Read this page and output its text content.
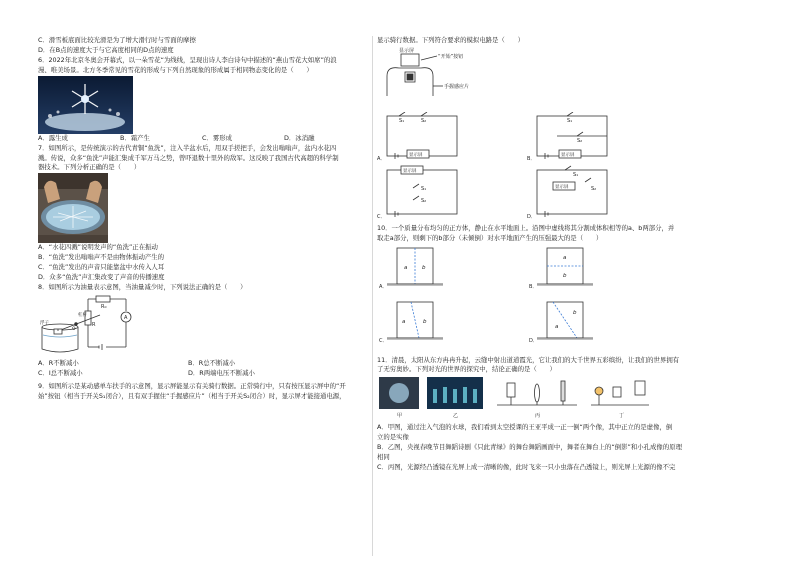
C．滑雪板底面比较光滑是为了增大滑行时与雪面的摩擦
D．在B点的速度大于与它高度相同的D点的速度
6．2022年北京冬奥会开幕式，以一朵雪花“为线线，呈现出诗人李白诗句中描述的“燕山雪花大如席”的浪
漫、唯美场景。北方冬季常见的雪花的形成与下列自然现象的形成属于相同物态变化的是（　　）
A．露生成	B．霜产生	C．雾形成	D．冰消融
7．如图所示，是传统演示的古代青铜“鱼洗”，注入半盆水后，用双手搓把手，会发出嗡嗡声，盆内水花四
溅。传说，众多“鱼洗”声能汇集成千军万马之势，曾吓退数十里外的敌军。这反映了我国古代高超的科学制
器技术。下列分析正确的是（　　）
A．“水花四溅”说明发声的“鱼洗”正在振动
B．“鱼洗”发出嗡嗡声不是由物体振动产生的
C．“鱼洗”发出的声音只能靠盆中水传入人耳
D．众多“鱼洗”声汇集改变了声音的传播速度
8．如图所示为油量表示意图，当油量减少时，下列说法正确的是（　　）
R₀
A
杠杆
O
R
浮子
A．R不断减小	B．R总不断减小
C．I总不断减小	D．R两端电压不断减小
9．如图所示是某动感单车扶手的示意图，显示屏能显示有关骑行数据。正常骑行中，只有按压显示屏中的“开
始”按钮（相当于开关S₁闭合），且有双手握住“手握感应片”（相当于开关S₂闭合）时，显示屏才能接通电源，
显示骑行数据。下列符合要求的模拟电路是（　　）
显示屏
“开始”按钮
手握感应片

A．	B．
C．	D．
S₁	S₂
显示屏
S₁
S₂
显示屏
显示屏
S₁
S₂
显示屏
S₁
S₂
10．一个质量分布均匀的正方体，静止在水平地面上。沿图中虚线将其分割成体积相等的a、b两部分，并
取走a部分，则剩下的b部分（未倾倒）对水平地面产生的压强最大的是（　　）
a	b
a
b
a	b
a
b
A．	B．
C．	D．
11．清晨，太阳从东方冉冉升起，云缝中射出道道霞光，它让我们的大千世界五彩缤纷，让我们的世界拥有
了无穷奥妙。下列对光的世界的探究中，结论正确的是（　　）
甲	乙	丙	丁
A．甲图，通过注入气泡的水球，我们看到太空授课的王亚平成一正一倒“两个像，其中正立的是虚像，倒
立的是实像
B．乙图，央视春晚节目舞蹈诗剧《只此青绿》的舞台舞蹈画面中，舞者在舞台上的“倒影”和小孔成像的原理
相同
C．丙图，光源经凸透镜在光屏上成一清晰的像，此时飞来一只小虫落在凸透镜上，则光屏上光源的像不完
